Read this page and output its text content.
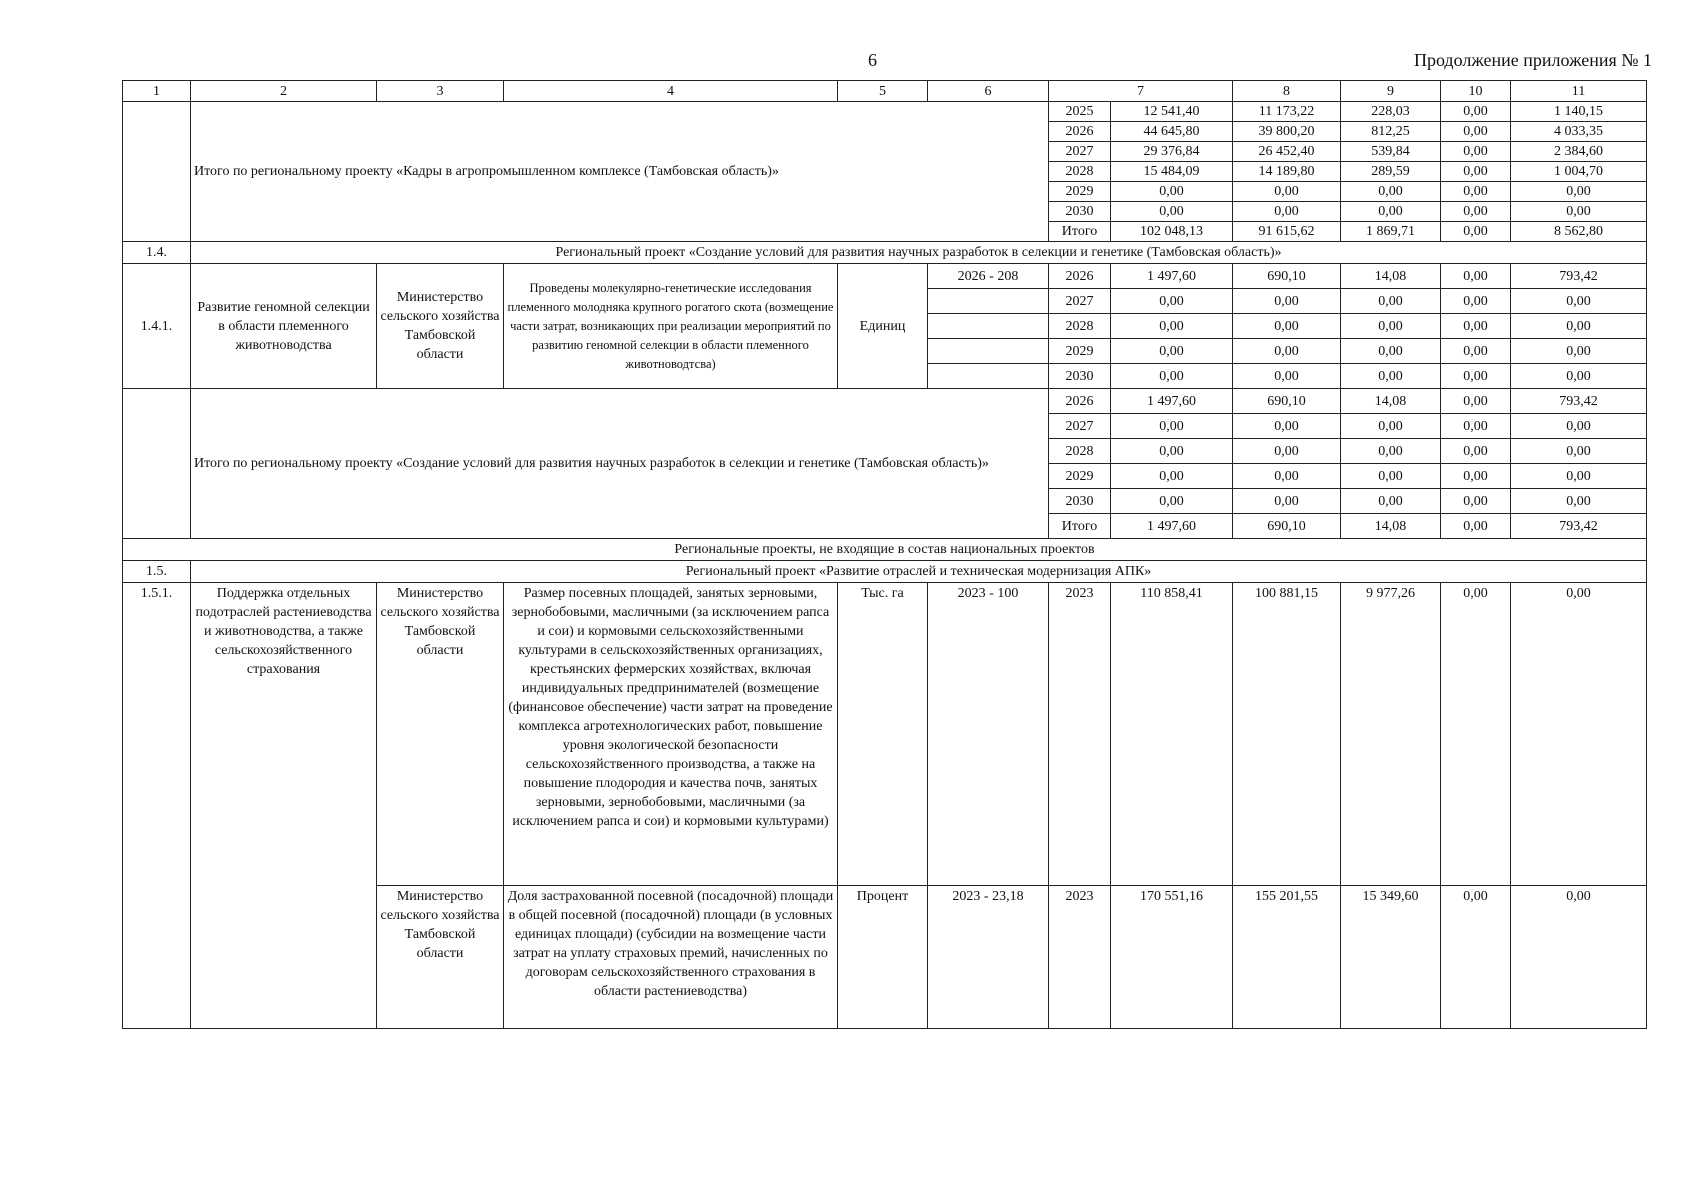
6	Продолжение приложения № 1
1	2	3	4	5	6	7		8	9	10	11
	Итого по региональному проекту «Кадры в агропромышленном комплексе (Тамбовская область)»					2025	12 541,40	11 173,22	228,03	0,00	1 140,15
						2026	44 645,80	39 800,20	812,25	0,00	4 033,35
						2027	29 376,84	26 452,40	539,84	0,00	2 384,60
						2028	15 484,09	14 189,80	289,59	0,00	1 004,70
						2029	0,00	0,00	0,00	0,00	0,00
						2030	0,00	0,00	0,00	0,00	0,00
						Итого	102 048,13	91 615,62	1 869,71	0,00	8 562,80
1.4.	Региональный проект «Создание условий для развития научных разработок в селекции и генетике (Тамбовская область)»										
1.4.1.	Развитие геномной селекции в области племенного животноводства	Министерство сельского хозяйства Тамбовской области	Проведены молекулярно-генетические исследования племенного молодняка крупного рогатого скота (возмещение части затрат, возникающих при реализации мероприятий по развитию геномной селекции в области племенного животноводтсва)	Единиц	2026 - 208	2026	1 497,60	690,10	14,08	0,00	793,42
						2027	0,00	0,00	0,00	0,00	0,00
						2028	0,00	0,00	0,00	0,00	0,00
						2029	0,00	0,00	0,00	0,00	0,00
						2030	0,00	0,00	0,00	0,00	0,00
	Итого по региональному проекту «Создание условий для развития научных разработок в селекции и генетике (Тамбовская область)»					2026	1 497,60	690,10	14,08	0,00	793,42
						2027	0,00	0,00	0,00	0,00	0,00
						2028	0,00	0,00	0,00	0,00	0,00
						2029	0,00	0,00	0,00	0,00	0,00
						2030	0,00	0,00	0,00	0,00	0,00
						Итого	1 497,60	690,10	14,08	0,00	793,42
Региональные проекты, не входящие в состав национальных проектов											
1.5.	Региональный проект «Развитие отраслей и техническая модернизация АПК»										
1.5.1.	Поддержка отдельных подотраслей растениеводства и животноводства, а также сельскохозяйственного страхования	Министерство сельского хозяйства Тамбовской области	Размер посевных площадей, занятых зерновыми, зернобобовыми, масличными (за исключением рапса и сои) и кормовыми сельскохозяйственными культурами в сельскохозяйственных организациях, крестьянских фермерских хозяйствах, включая индивидуальных предпринимателей (возмещение (финансовое обеспечение) части затрат на проведение комплекса агротехнологических работ, повышение уровня экологической безопасности сельскохозяйственного производства, а также на повышение плодородия и качества почв, занятых зерновыми, зернобобовыми, масличными (за исключением рапса и сои) и кормовыми культурами)	Тыс. га	2023 - 100	2023	110 858,41	100 881,15	9 977,26	0,00	0,00
		Министерство сельского хозяйства Тамбовской области	Доля застрахованной посевной (посадочной) площади в общей посевной (посадочной) площади (в условных единицах площади) (субсидии на возмещение части затрат на уплату страховых премий, начисленных по договорам сельскохозяйственного страхования в области растениеводства)	Процент	2023 - 23,18	2023	170 551,16	155 201,55	15 349,60	0,00	0,00
